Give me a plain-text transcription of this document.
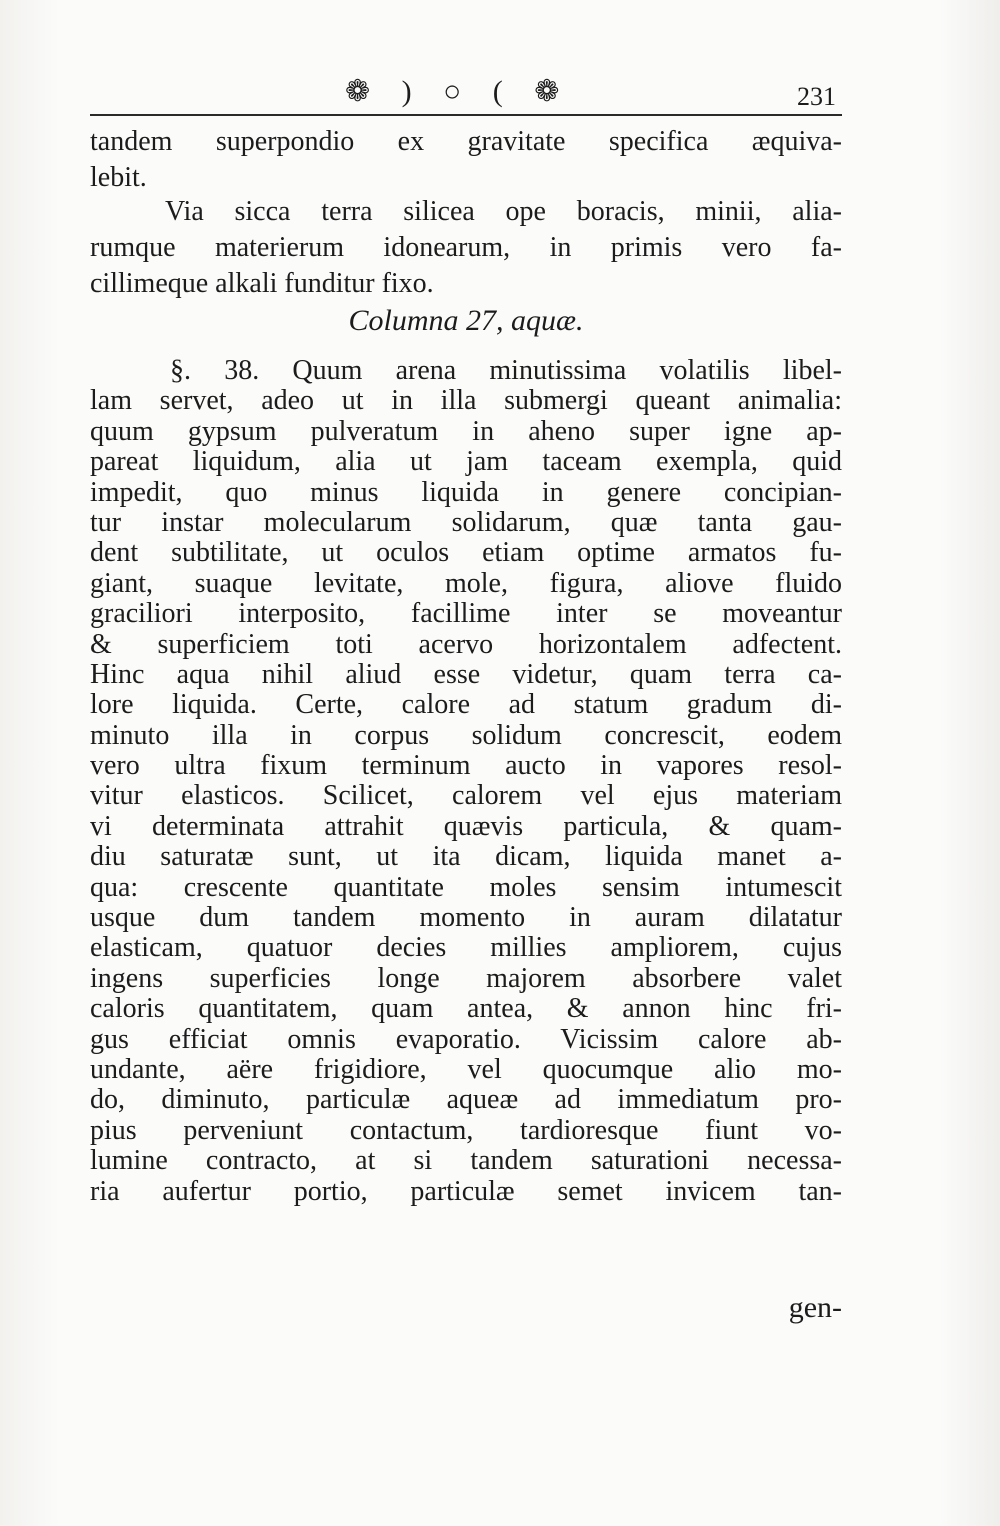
❁ ) ○ ( ❁	231
tandem superpondio ex gravitate specifica æquiva-
lebit.
Via sicca terra silicea ope boracis, minii, alia-
rumque materierum idonearum, in primis vero fa-
cillimeque alkali funditur fixo.
Columna 27, aquæ.
§. 38. Quum arena minutissima volatilis libel-
lam servet, adeo ut in illa submergi queant animalia:
quum gypsum pulveratum in aheno super igne ap-
pareat liquidum, alia ut jam taceam exempla, quid
impedit, quo minus liquida in genere concipian-
tur instar molecularum solidarum, quæ tanta gau-
dent subtilitate, ut oculos etiam optime armatos fu-
giant, suaque levitate, mole, figura, aliove fluido
graciliori interposito, facillime inter se moveantur
& superficiem toti acervo horizontalem adfectent.
Hinc aqua nihil aliud esse videtur, quam terra ca-
lore liquida. Certe, calore ad statum gradum di-
minuto illa in corpus solidum concrescit, eodem
vero ultra fixum terminum aucto in vapores resol-
vitur elasticos. Scilicet, calorem vel ejus materiam
vi determinata attrahit quævis particula, & quam-
diu saturatæ sunt, ut ita dicam, liquida manet a-
qua: crescente quantitate moles sensim intumescit
usque dum tandem momento in auram dilatatur
elasticam, quatuor decies millies ampliorem, cujus
ingens superficies longe majorem absorbere valet
caloris quantitatem, quam antea, & annon hinc fri-
gus efficiat omnis evaporatio. Vicissim calore ab-
undante, aëre frigidiore, vel quocumque alio mo-
do, diminuto, particulæ aqueæ ad immediatum pro-
pius perveniunt contactum, tardioresque fiunt vo-
lumine contracto, at si tandem saturationi necessa-
ria aufertur portio, particulæ semet invicem tan-
gen-
